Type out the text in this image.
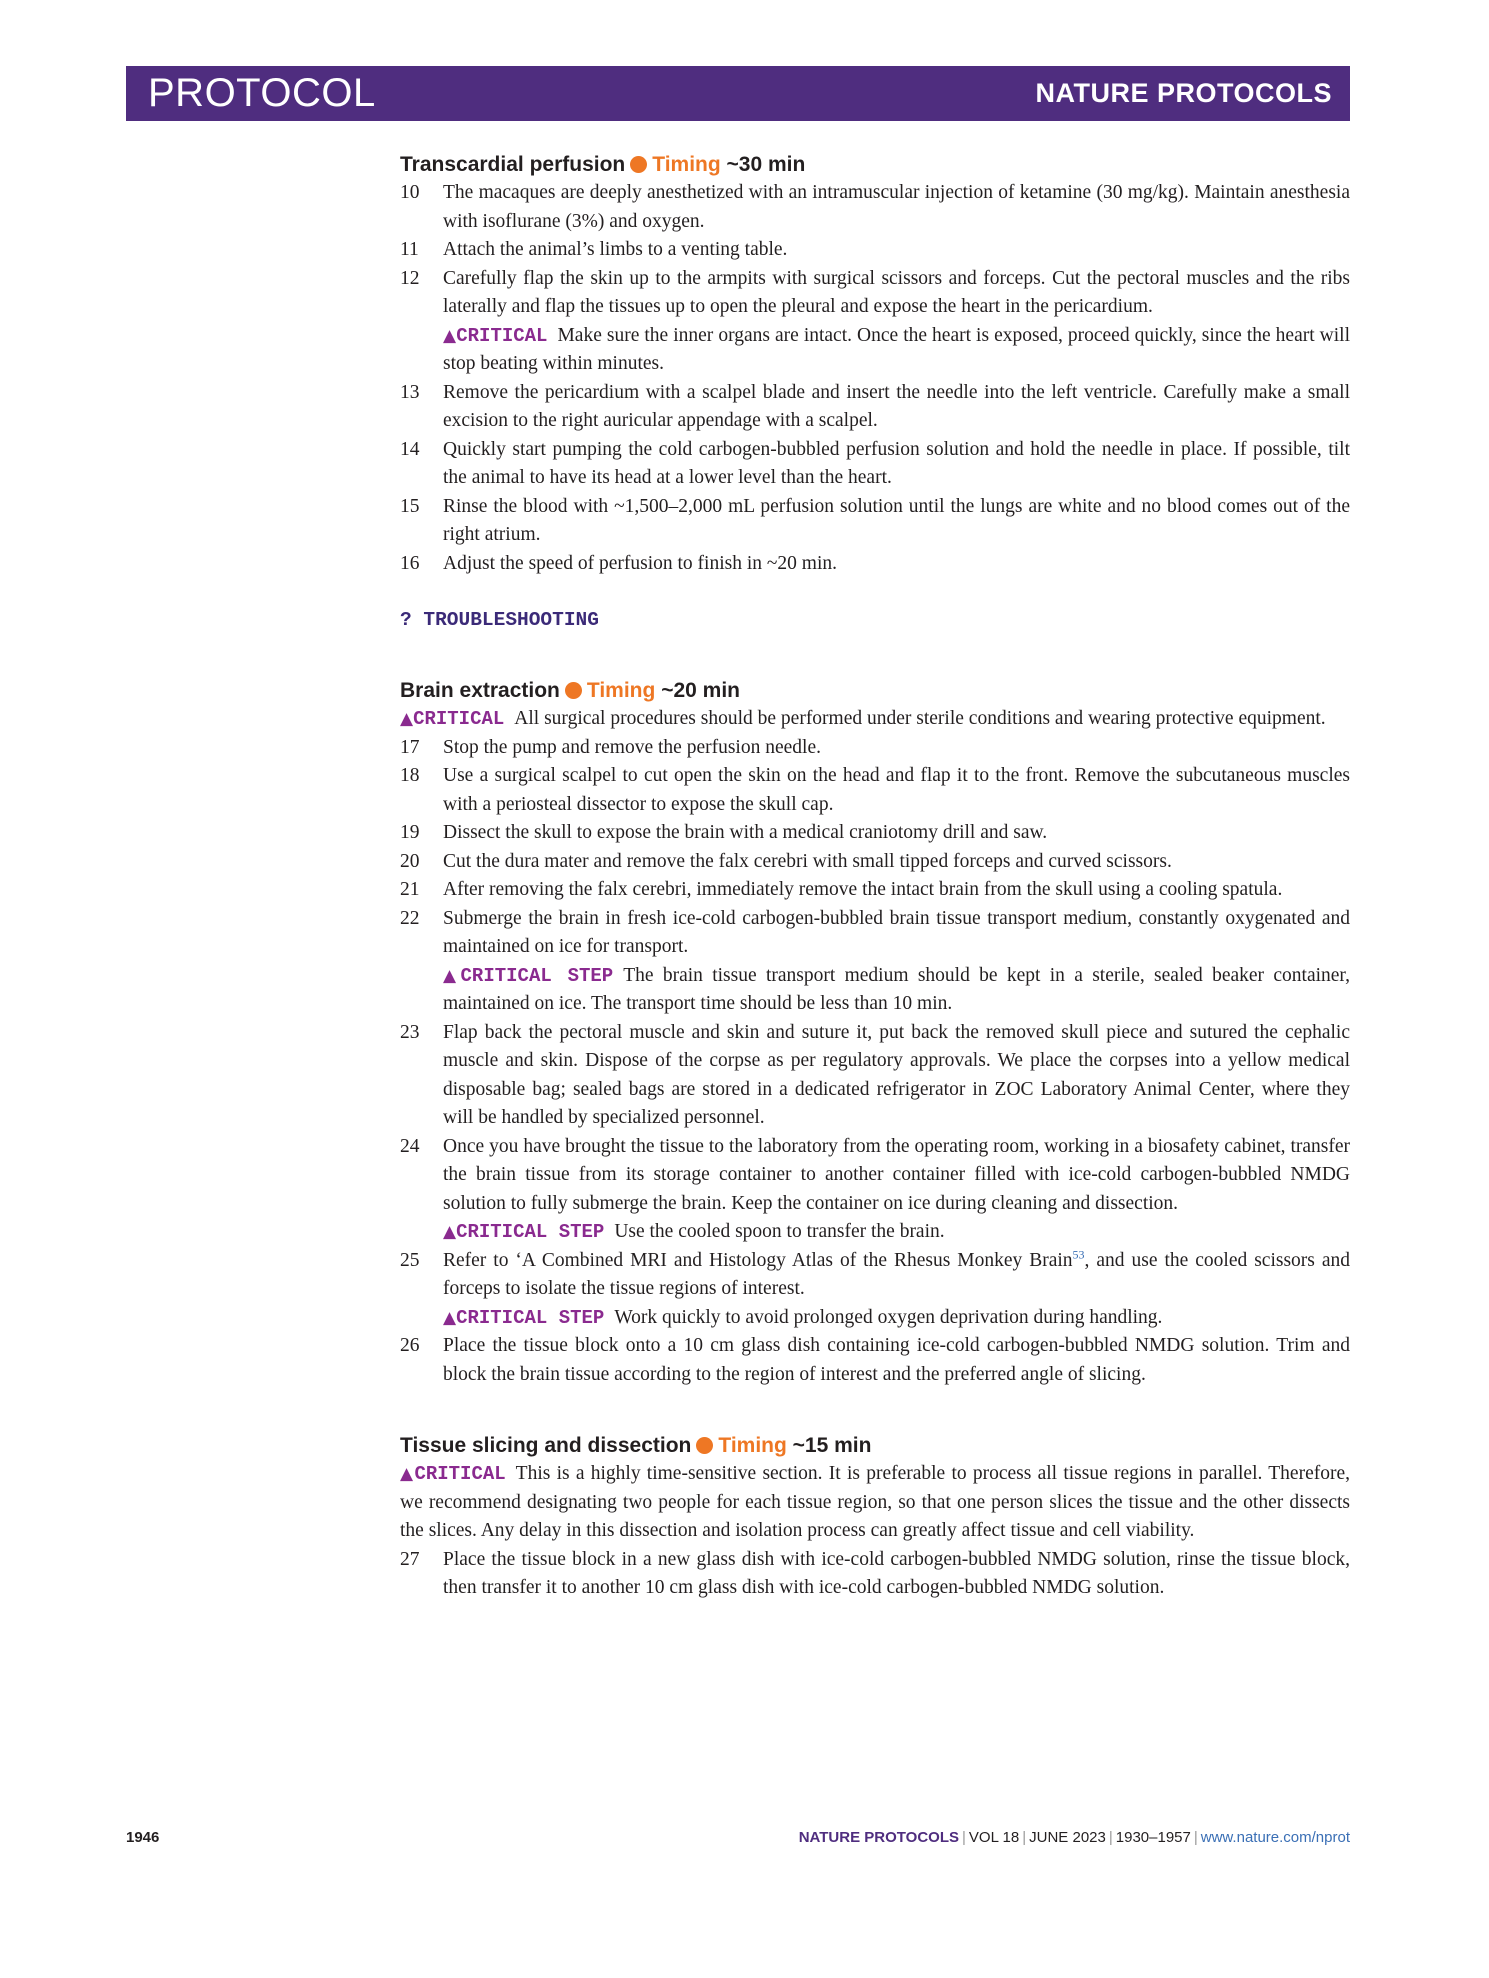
PROTOCOL	NATURE PROTOCOLS
Transcardial perfusion Timing ~30 min
10 The macaques are deeply anesthetized with an intramuscular injection of ketamine (30 mg/kg). Maintain anesthesia with isoflurane (3%) and oxygen.
11 Attach the animal’s limbs to a venting table.
12 Carefully flap the skin up to the armpits with surgical scissors and forceps. Cut the pectoral muscles and the ribs laterally and flap the tissues up to open the pleural and expose the heart in the pericardium.
▲CRITICAL Make sure the inner organs are intact. Once the heart is exposed, proceed quickly, since the heart will stop beating within minutes.
13 Remove the pericardium with a scalpel blade and insert the needle into the left ventricle. Carefully make a small excision to the right auricular appendage with a scalpel.
14 Quickly start pumping the cold carbogen-bubbled perfusion solution and hold the needle in place. If possible, tilt the animal to have its head at a lower level than the heart.
15 Rinse the blood with ~1,500–2,000 mL perfusion solution until the lungs are white and no blood comes out of the right atrium.
16 Adjust the speed of perfusion to finish in ~20 min.
? TROUBLESHOOTING
Brain extraction Timing ~20 min
▲CRITICAL All surgical procedures should be performed under sterile conditions and wearing protective equipment.
17 Stop the pump and remove the perfusion needle.
18 Use a surgical scalpel to cut open the skin on the head and flap it to the front. Remove the subcutaneous muscles with a periosteal dissector to expose the skull cap.
19 Dissect the skull to expose the brain with a medical craniotomy drill and saw.
20 Cut the dura mater and remove the falx cerebri with small tipped forceps and curved scissors.
21 After removing the falx cerebri, immediately remove the intact brain from the skull using a cooling spatula.
22 Submerge the brain in fresh ice-cold carbogen-bubbled brain tissue transport medium, constantly oxygenated and maintained on ice for transport.
▲CRITICAL STEP The brain tissue transport medium should be kept in a sterile, sealed beaker container, maintained on ice. The transport time should be less than 10 min.
23 Flap back the pectoral muscle and skin and suture it, put back the removed skull piece and sutured the cephalic muscle and skin. Dispose of the corpse as per regulatory approvals. We place the corpses into a yellow medical disposable bag; sealed bags are stored in a dedicated refrigerator in ZOC Laboratory Animal Center, where they will be handled by specialized personnel.
24 Once you have brought the tissue to the laboratory from the operating room, working in a biosafety cabinet, transfer the brain tissue from its storage container to another container filled with ice-cold carbogen-bubbled NMDG solution to fully submerge the brain. Keep the container on ice during cleaning and dissection.
▲CRITICAL STEP Use the cooled spoon to transfer the brain.
25 Refer to ‘A Combined MRI and Histology Atlas of the Rhesus Monkey Brain$^{53}$, and use the cooled scissors and forceps to isolate the tissue regions of interest.
▲CRITICAL STEP Work quickly to avoid prolonged oxygen deprivation during handling.
26 Place the tissue block onto a 10 cm glass dish containing ice-cold carbogen-bubbled NMDG solution. Trim and block the brain tissue according to the region of interest and the preferred angle of slicing.
Tissue slicing and dissection Timing ~15 min
▲CRITICAL This is a highly time-sensitive section. It is preferable to process all tissue regions in parallel. Therefore, we recommend designating two people for each tissue region, so that one person slices the tissue and the other dissects the slices. Any delay in this dissection and isolation process can greatly affect tissue and cell viability.
27 Place the tissue block in a new glass dish with ice-cold carbogen-bubbled NMDG solution, rinse the tissue block, then transfer it to another 10 cm glass dish with ice-cold carbogen-bubbled NMDG solution.
1946	NATURE PROTOCOLS | VOL 18 | JUNE 2023 | 1930–1957 | www.nature.com/nprot
